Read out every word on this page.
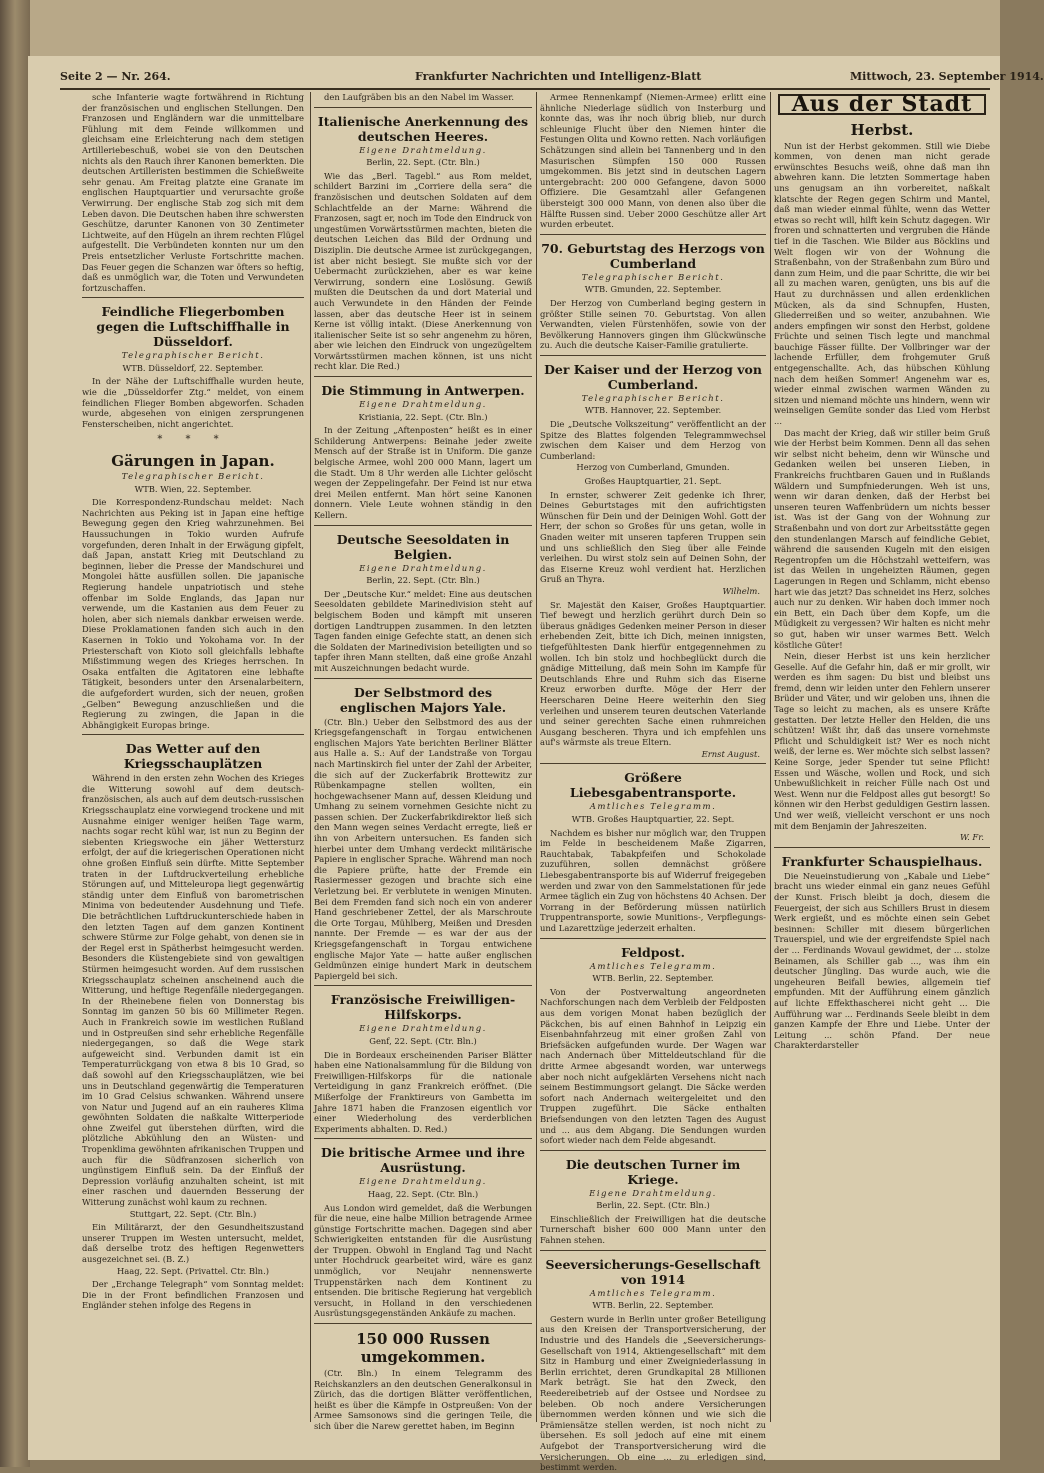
Seite 2 — Nr. 264.	Frankfurter Nachrichten und Intelligenz-Blatt	Mittwoch, 23. September 1914.

sche Infanterie wagte fortwährend in Richtung der französischen und englischen Stellungen. Den Franzosen und Engländern war die unmittelbare Fühlung mit dem Feinde willkommen und gleichsam eine Erleichterung nach dem stetigen Artilleriebeschuß, wobei sie von den Deutschen nichts als den Rauch ihrer Kanonen bemerkten. Die deutschen Artilleristen bestimmen die Schießweite sehr genau. Am Freitag platzte eine Granate im englischen Hauptquartier und verursachte große Verwirrung. Der englische Stab zog sich mit dem Leben davon. Die Deutschen haben ihre schwersten Geschütze, darunter Kanonen von 30 Zentimeter Lichtweite, auf den Hügeln an ihrem rechten Flügel aufgestellt. Die Verbündeten konnten nur um den Preis entsetzlicher Verluste Fortschritte machen. Das Feuer gegen die Schanzen war öfters so heftig, daß es unmöglich war, die Toten und Verwundeten fortzuschaffen.

Feindliche Fliegerbomben gegen die Luftschiffhalle in Düsseldorf.
Telegraphischer Bericht.
WTB. Düsseldorf, 22. September.

In der Nähe der Luftschiffhalle wurden heute, wie die „Düsseldorfer Ztg.“ meldet, von einem feindlichen Flieger Bomben abgeworfen. Schaden wurde, abgesehen von einigen zersprungenen Fensterscheiben, nicht angerichtet.

* * *
Gärungen in Japan.
Telegraphischer Bericht.
WTB. Wien, 22. September.

Die Korrespondenz-Rundschau meldet: Nach Nachrichten aus Peking ist in Japan eine heftige Bewegung gegen den Krieg wahrzunehmen. Bei Haussuchungen in Tokio wurden Aufrufe vorgefunden, deren Inhalt in der Erwägung gipfelt, daß Japan, anstatt Krieg mit Deutschland zu beginnen, lieber die Presse der Mandschurei und Mongolei hätte ausfüllen sollen. Die japanische Regierung handele unpatriotisch und stehe offenbar im Solde Englands, das Japan nur verwende, um die Kastanien aus dem Feuer zu holen, aber sich niemals dankbar erweisen werde. Diese Proklamationen fanden sich auch in den Kasernen in Tokio und Yokohama vor. In der Priesterschaft von Kioto soll gleichfalls lebhafte Mißstimmung wegen des Krieges herrschen. In Osaka entfalten die Agitatoren eine lebhafte Tätigkeit, besonders unter den Arsenalarbeitern, die aufgefordert wurden, sich der neuen, großen „Gelben“ Bewegung anzuschließen und die Regierung zu zwingen, die Japan in die Abhängigkeit Europas bringe.

Das Wetter auf den Kriegsschauplätzen

Während in den ersten zehn Wochen des Krieges die Witterung sowohl auf dem deutsch-französischen, als auch auf dem deutsch-russischen Kriegsschauplatz eine vorwiegend trockene und mit Ausnahme einiger weniger heißen Tage warm, nachts sogar recht kühl war, ist nun zu Beginn der siebenten Kriegswoche ein jäher Wettersturz erfolgt, der auf die kriegerischen Operationen nicht ohne großen Einfluß sein dürfte. Mitte September traten in der Luftdruckverteilung erhebliche Störungen auf, und Mitteleuropa liegt gegenwärtig ständig unter dem Einfluß von barometrischen Minima von bedeutender Ausdehnung und Tiefe. Die beträchtlichen Luftdruckunterschiede haben in den letzten Tagen auf dem ganzen Kontinent schwere Stürme zur Folge gehabt, von denen sie in der Regel erst in Spätherbst heimgesucht werden. Besonders die Küstengebiete sind von gewaltigen Stürmen heimgesucht worden. Auf dem russischen Kriegsschauplatz scheinen anscheinend auch die Witterung, und heftige Regenfälle niedergegangen. In der Rheinebene fielen von Donnerstag bis Sonntag im ganzen 50 bis 60 Millimeter Regen. Auch in Frankreich sowie im westlichen Rußland und in Ostpreußen sind sehr erhebliche Regenfälle niedergegangen, so daß die Wege stark aufgeweicht sind. Verbunden damit ist ein Temperaturrückgang von etwa 8 bis 10 Grad, so daß sowohl auf den Kriegsschauplätzen, wie bei uns in Deutschland gegenwärtig die Temperaturen im 10 Grad Celsius schwanken. Während unsere von Natur und Jugend auf an ein rauheres Klima gewöhnten Soldaten die naßkalte Witterperiode ohne Zweifel gut überstehen dürften, wird die plötzliche Abkühlung den an Wüsten- und Tropenklima gewöhnten afrikanischen Truppen und auch für die Südfranzosen sicherlich von ungünstigem Einfluß sein. Da der Einfluß der Depression vorläufig anzuhalten scheint, ist mit einer raschen und dauernden Besserung der Witterung zunächst wohl kaum zu rechnen.

Stuttgart, 22. Sept. (Ctr. Bln.)

Ein Militärarzt, der den Gesundheitszustand unserer Truppen im Westen untersucht, meldet, daß derselbe trotz des heftigen Regenwetters ausgezeichnet sei. (B. Z.)

Haag, 22. Sept. (Privattel. Ctr. Bln.)

Der „Erchange Telegraph“ vom Sonntag meldet: Die in der Front befindlichen Franzosen und Engländer stehen infolge des Regens in

den Laufgräben bis an den Nabel im Wasser.

Italienische Anerkennung des deutschen Heeres.
Eigene Drahtmeldung.
Berlin, 22. Sept. (Ctr. Bln.)

Wie das „Berl. Tagebl.“ aus Rom meldet, schildert Barzini im „Corriere della sera“ die französischen und deutschen Soldaten auf dem Schlachtfelde an der Marne: Während die Franzosen, sagt er, noch im Tode den Eindruck von ungestümen Vorwärtsstürmen machten, bieten die deutschen Leichen das Bild der Ordnung und Disziplin. Die deutsche Armee ist zurückgegangen, ist aber nicht besiegt. Sie mußte sich vor der Uebermacht zurückziehen, aber es war keine Verwirrung, sondern eine Loslösung. Gewiß mußten die Deutschen da und dort Material und auch Verwundete in den Händen der Feinde lassen, aber das deutsche Heer ist in seinem Kerne ist völlig intakt. (Diese Anerkennung von italienischer Seite ist so sehr angenehm zu hören, aber wie leichen den Eindruck von ungezügeltem Vorwärtsstürmen machen können, ist uns nicht recht klar. Die Red.)

Die Stimmung in Antwerpen.
Eigene Drahtmeldung.
Kristiania, 22. Sept. (Ctr. Bln.)

In der Zeitung „Aftenposten“ heißt es in einer Schilderung Antwerpens: Beinahe jeder zweite Mensch auf der Straße ist in Uniform. Die ganze belgische Armee, wohl 200 000 Mann, lagert um die Stadt. Um 8 Uhr werden alle Lichter gelöscht wegen der Zeppelingefahr. Der Feind ist nur etwa drei Meilen entfernt. Man hört seine Kanonen donnern. Viele Leute wohnen ständig in den Kellern.

Deutsche Seesoldaten in Belgien.
Eigene Drahtmeldung.
Berlin, 22. Sept. (Ctr. Bln.)

Der „Deutsche Kur.“ meldet: Eine aus deutschen Seesoldaten gebildete Marinedivision steht auf belgischem Boden und kämpft mit unseren dortigen Landtruppen zusammen. In den letzten Tagen fanden einige Gefechte statt, an denen sich die Soldaten der Marinedivision beteiligten und so tapfer ihren Mann stellten, daß eine große Anzahl mit Auszeichnungen bedacht wurde.

Der Selbstmord des englischen Majors Yale.

(Ctr. Bln.) Ueber den Selbstmord des aus der Kriegsgefangenschaft in Torgau entwichenen englischen Majors Yate berichten Berliner Blätter aus Halle a. S.: Auf der Landstraße von Torgau nach Martinskirch fiel unter der Zahl der Arbeiter, die sich auf der Zuckerfabrik Brottewitz zur Rübenkampagne stellen wollten, ein hochgewachsener Mann auf, dessen Kleidung und Umhang zu seinem vornehmen Gesichte nicht zu passen schien. Der Zuckerfabrikdirektor ließ sich den Mann wegen seines Verdacht erregte, ließ er ihn von Arbeitern untersuchen. Es fanden sich hierbei unter dem Umhang verdeckt militärische Papiere in englischer Sprache. Während man noch die Papiere prüfte, hatte der Fremde ein Rasiermesser gezogen und brachte sich eine Verletzung bei. Er verblutete in wenigen Minuten. Bei dem Fremden fand sich noch ein von anderer Hand geschriebener Zettel, der als Marschroute die Orte Torgau, Mühlberg, Meißen und Dresden nannte. Der Fremde — es war der aus der Kriegsgefangenschaft in Torgau entwichene englische Major Yate — hatte außer englischen Geldmünzen einige hundert Mark in deutschem Papiergeld bei sich.

Französische Freiwilligen-Hilfskorps.
Eigene Drahtmeldung.
Genf, 22. Sept. (Ctr. Bln.)

Die in Bordeaux erscheinenden Pariser Blätter haben eine Nationalsammlung für die Bildung von Freiwilligen-Hilfskorps für die nationale Verteidigung in ganz Frankreich eröffnet. (Die Mißerfolge der Franktireurs von Gambetta im Jahre 1871 haben die Franzosen eigentlich vor einer Wiederholung des verderblichen Experiments abhalten. D. Red.)

Die britische Armee und ihre Ausrüstung.
Eigene Drahtmeldung.
Haag, 22. Sept. (Ctr. Bln.)

Aus London wird gemeldet, daß die Werbungen für die neue, eine halbe Million betragende Armee günstige Fortschritte machen. Dagegen sind aber Schwierigkeiten entstanden für die Ausrüstung der Truppen. Obwohl in England Tag und Nacht unter Hochdruck gearbeitet wird, wäre es ganz unmöglich, vor Neujahr nennenswerte Truppenstärken nach dem Kontinent zu entsenden. Die britische Regierung hat vergeblich versucht, in Holland in den verschiedenen Ausrüstungsgegenständen Ankäufe zu machen.

150 000 Russen umgekommen.

(Ctr. Bln.) In einem Telegramm des Reichskanzlers an den deutschen Generalkonsul in Zürich, das die dortigen Blätter veröffentlichen, heißt es über die Kämpfe in Ostpreußen: Von der Armee Samsonows sind die geringen Teile, die sich über die Narew gerettet haben, im Beginn

Armee Rennenkampf (Niemen-Armee) erlitt eine ähnliche Niederlage südlich von Insterburg und konnte das, was ihr noch übrig blieb, nur durch schleunige Flucht über den Niemen hinter die Festungen Olita und Kowno retten. Nach vorläufigen Schätzungen sind allein bei Tannenberg und in den Masurischen Sümpfen 150 000 Russen umgekommen. Bis jetzt sind in deutschen Lagern untergebracht: 200 000 Gefangene, davon 5000 Offiziere. Die Gesamtzahl aller Gefangenen übersteigt 300 000 Mann, von denen also über die Hälfte Russen sind. Ueber 2000 Geschütze aller Art wurden erbeutet.

70. Geburtstag des Herzogs von Cumberland
Telegraphischer Bericht.
WTB. Gmunden, 22. September.

Der Herzog von Cumberland beging gestern in größter Stille seinen 70. Geburtstag. Von allen Verwandten, vielen Fürstenhöfen, sowie von der Bevölkerung Hannovers gingen ihm Glückwünsche zu. Auch die deutsche Kaiser-Familie gratulierte.

Der Kaiser und der Herzog von Cumberland.
Telegraphischer Bericht.
WTB. Hannover, 22. September.

Die „Deutsche Volkszeitung“ veröffentlicht an der Spitze des Blattes folgenden Telegrammwechsel zwischen dem Kaiser und dem Herzog von Cumberland:

Herzog von Cumberland, Gmunden.
Großes Hauptquartier, 21. Sept.

In ernster, schwerer Zeit gedenke ich Ihrer, Deines Geburtstages mit den aufrichtigsten Wünschen für Dein und der Deinigen Wohl. Gott der Herr, der schon so Großes für uns getan, wolle in Gnaden weiter mit unseren tapferen Truppen sein und uns schließlich den Sieg über alle Feinde verleihen. Du wirst stolz sein auf Deinen Sohn, der das Eiserne Kreuz wohl verdient hat. Herzlichen Gruß an Thyra.

Wilhelm.

Sr. Majestät den Kaiser, Großes Hauptquartier. Tief bewegt und herzlich gerührt durch Dein so überaus gnädiges Gedenken meiner Person in dieser erhebenden Zeit, bitte ich Dich, meinen innigsten, tiefgefühltesten Dank hierfür entgegennehmen zu wollen. Ich bin stolz und hochbeglückt durch die gnädige Mitteilung, daß mein Sohn im Kampfe für Deutschlands Ehre und Ruhm sich das Eiserne Kreuz erworben durfte. Möge der Herr der Heerscharen Deine Heere weiterhin den Sieg verleihen und unserem teuren deutschen Vaterlande und seiner gerechten Sache einen ruhmreichen Ausgang bescheren. Thyra und ich empfehlen uns auf's wärmste als treue Eltern.

Ernst August.
Größere Liebesgabentransporte.
Amtliches Telegramm.
WTB. Großes Hauptquartier, 22. Sept.

Nachdem es bisher nur möglich war, den Truppen im Felde in bescheidenem Maße Zigarren, Rauchtabak, Tabakpfeifen und Schokolade zuzuführen, sollen demnächst größere Liebesgabentransporte bis auf Widerruf freigegeben werden und zwar von den Sammelstationen für jede Armee täglich ein Zug von höchstens 40 Achsen. Der Vorrang in der Beförderung müssen natürlich Truppentransporte, sowie Munitions-, Verpflegungs- und Lazarettzüge jederzeit erhalten.

Feldpost.
Amtliches Telegramm.
WTB. Berlin, 22. September.

Von der Postverwaltung angeordneten Nachforschungen nach dem Verbleib der Feldposten aus dem vorigen Monat haben bezüglich der Päckchen, bis auf einen Bahnhof in Leipzig ein Eisenbahnfahrzeug mit einer großen Zahl von Briefsäcken aufgefunden wurde. Der Wagen war nach Andernach über Mitteldeutschland für die dritte Armee abgesandt worden, war unterwegs aber noch nicht aufgeklärten Versehens nicht nach seinem Bestimmungsort gelangt. Die Säcke werden sofort nach Andernach weitergeleitet und den Truppen zugeführt. Die Säcke enthalten Briefsendungen von den letzten Tagen des August und ... aus dem Abgang. Die Sendungen wurden sofort wieder nach dem Felde abgesandt.

Die deutschen Turner im Kriege.
Eigene Drahtmeldung.
Berlin, 22. Sept. (Ctr. Bln.)

Einschließlich der Freiwilligen hat die deutsche Turnerschaft bisher 600 000 Mann unter den Fahnen stehen.

Seeversicherungs-Gesellschaft von 1914
Amtliches Telegramm.
WTB. Berlin, 22. September.

Gestern wurde in Berlin unter großer Beteiligung aus den Kreisen der Transportversicherung, der Industrie und des Handels die „Seeversicherungs-Gesellschaft von 1914, Aktiengesellschaft“ mit dem Sitz in Hamburg und einer Zweigniederlassung in Berlin errichtet, deren Grundkapital 28 Millionen Mark beträgt. Sie hat den Zweck, den Reedereibetrieb auf der Ostsee und Nordsee zu beleben. Ob noch andere Versicherungen übernommen werden können und wie sich die Prämiensätze stellen werden, ist noch nicht zu übersehen. Es soll jedoch auf eine mit einem Aufgebot der Transportversicherung wird die Versicherungen. Ob eine ... zu erledigen sind, bestimmt werden.

Aus der Stadt
Herbst.

Nun ist der Herbst gekommen. Still wie Diebe kommen, von denen man nicht gerade erwünschtes Besuchs weiß, ohne daß man ihn abwehren kann. Die letzten Sommertage haben uns genugsam an ihn vorbereitet, naßkalt klatschte der Regen gegen Schirm und Mantel, daß man wieder einmal fühlte, wenn das Wetter etwas so recht will, hilft kein Schutz dagegen. Wir froren und schnatterten und vergruben die Hände tief in die Taschen. Wie Bilder aus Böcklins und Welt flogen wir von der Wohnung die Straßenbahn, von der Straßenbahn zum Büro und dann zum Heim, und die paar Schritte, die wir bei all zu machen waren, genügten, uns bis auf die Haut zu durchnässen und allen erdenklichen Mücken, als da sind Schnupfen, Husten, Gliederreißen und so weiter, anzubahnen. Wie anders empfingen wir sonst den Herbst, goldene Früchte und seinen Tisch legte und manchmal bauchige Fässer füllte. Der Vollbringer war der lachende Erfüller, dem frohgemuter Gruß entgegenschallte. Ach, das hübschen Kühlung nach dem heißen Sommer! Angenehm war es, wieder einmal zwischen warmen Wänden zu sitzen und niemand möchte uns hindern, wenn wir weinseligen Gemüte sonder das Lied vom Herbst ...

Das macht der Krieg, daß wir stiller beim Gruß wie der Herbst beim Kommen. Denn all das sehen wir selbst nicht beheim, denn wir Wünsche und Gedanken weilen bei unseren Lieben, in Frankreichs fruchtbaren Gauen und in Rußlands Wäldern und Sumpfniederungen. Weh ist uns, wenn wir daran denken, daß der Herbst bei unseren teuren Waffenbrüdern um nichts besser ist. Was ist der Gang von der Wohnung zur Straßenbahn und von dort zur Arbeitsstätte gegen den stundenlangen Marsch auf feindliche Gebiet, während die sausenden Kugeln mit den eisigen Regentropfen um die Höchstzahl wetteifern, was ist das Weilen in ungeheizten Räumen, gegen Lagerungen in Regen und Schlamm, nicht ebenso hart wie das jetzt? Das schneidet ins Herz, solches auch nur zu denken. Wir haben doch immer noch ein Bett, ein Dach über dem Kopfe, um die Müdigkeit zu vergessen? Wir halten es nicht mehr so gut, haben wir unser warmes Bett. Welch köstliche Güter!

Nein, dieser Herbst ist uns kein herzlicher Geselle. Auf die Gefahr hin, daß er mir grollt, wir werden es ihm sagen: Du bist und bleibst uns fremd, denn wir leiden unter den Fehlern unserer Brüder und Väter, und wir geloben uns, ihnen die Tage so leicht zu machen, als es unsere Kräfte gestatten. Der letzte Heller den Helden, die uns schützen! Wißt ihr, daß das unsere vornehmste Pflicht und Schuldigkeit ist? Wer es noch nicht weiß, der lerne es. Wer möchte sich selbst lassen? Keine Sorge, jeder Spender tut seine Pflicht! Essen und Wäsche, wollen und Rock, und sich Unbewußlichkeit in reicher Fülle nach Ost und West. Wenn nur die Feldpost alles gut besorgt! So können wir den Herbst geduldigen Gestirn lassen. Und wer weiß, vielleicht verschont er uns noch mit dem Benjamin der Jahreszeiten.

W. Fr.
Frankfurter Schauspielhaus.

Die Neueinstudierung von „Kabale und Liebe“ bracht uns wieder einmal ein ganz neues Gefühl der Kunst. Frisch bleibt ja doch, diesem die Feuergeist, der sich aus Schillers Brust in diesem Werk ergießt, und es möchte einen sein Gebet besinnen: Schiller mit diesem bürgerlichen Trauerspiel, und wie der ergreifendste Spiel nach der ... Ferdinands Wovaul gewidmet, der ... stolze Beinamen, als Schiller gab ..., was ihm ein deutscher Jüngling. Das wurde auch, wie die ungeheuren Beifall bewies, allgemein tief empfunden. Mit der Aufführung einem gänzlich auf lichte Effekthascherei nicht geht ... Die Aufführung war ... Ferdinands Seele bleibt in dem ganzen Kampfe der Ehre und Liebe. Unter der Leitung ... schön Pfand. Der neue Charakterdarsteller
